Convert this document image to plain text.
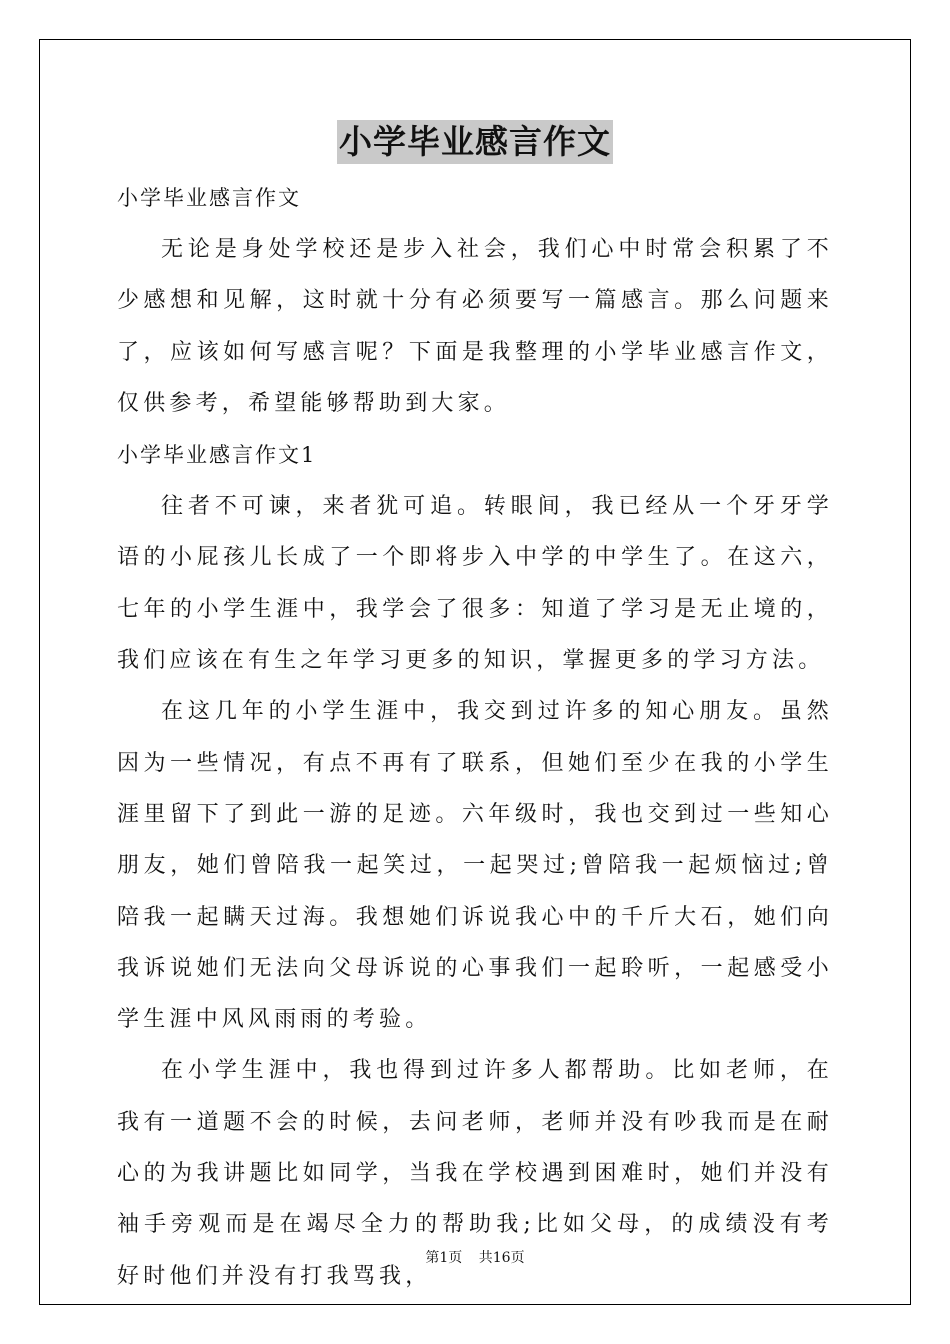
小学毕业感言作文

小学毕业感言作文

无论是身处学校还是步入社会，我们心中时常会积累了不少感想和见解，这时就十分有必须要写一篇感言。那么问题来了，应该如何写感言呢？下面是我整理的小学毕业感言作文，仅供参考，希望能够帮助到大家。

小学毕业感言作文1

往者不可谏，来者犹可追。转眼间，我已经从一个牙牙学语的小屁孩儿长成了一个即将步入中学的中学生了。在这六，七年的小学生涯中，我学会了很多：知道了学习是无止境的，我们应该在有生之年学习更多的知识，掌握更多的学习方法。

在这几年的小学生涯中，我交到过许多的知心朋友。虽然因为一些情况，有点不再有了联系，但她们至少在我的小学生涯里留下了到此一游的足迹。六年级时，我也交到过一些知心朋友，她们曾陪我一起笑过，一起哭过;曾陪我一起烦恼过;曾陪我一起瞒天过海。我想她们诉说我心中的千斤大石，她们向我诉说她们无法向父母诉说的心事我们一起聆听，一起感受小学生涯中风风雨雨的考验。

在小学生涯中，我也得到过许多人都帮助。比如老师，在我有一道题不会的时候，去问老师，老师并没有吵我而是在耐心的为我讲题比如同学，当我在学校遇到困难时，她们并没有袖手旁观而是在竭尽全力的帮助我;比如父母，的成绩没有考好时他们并没有打我骂我，

第1页 共16页
